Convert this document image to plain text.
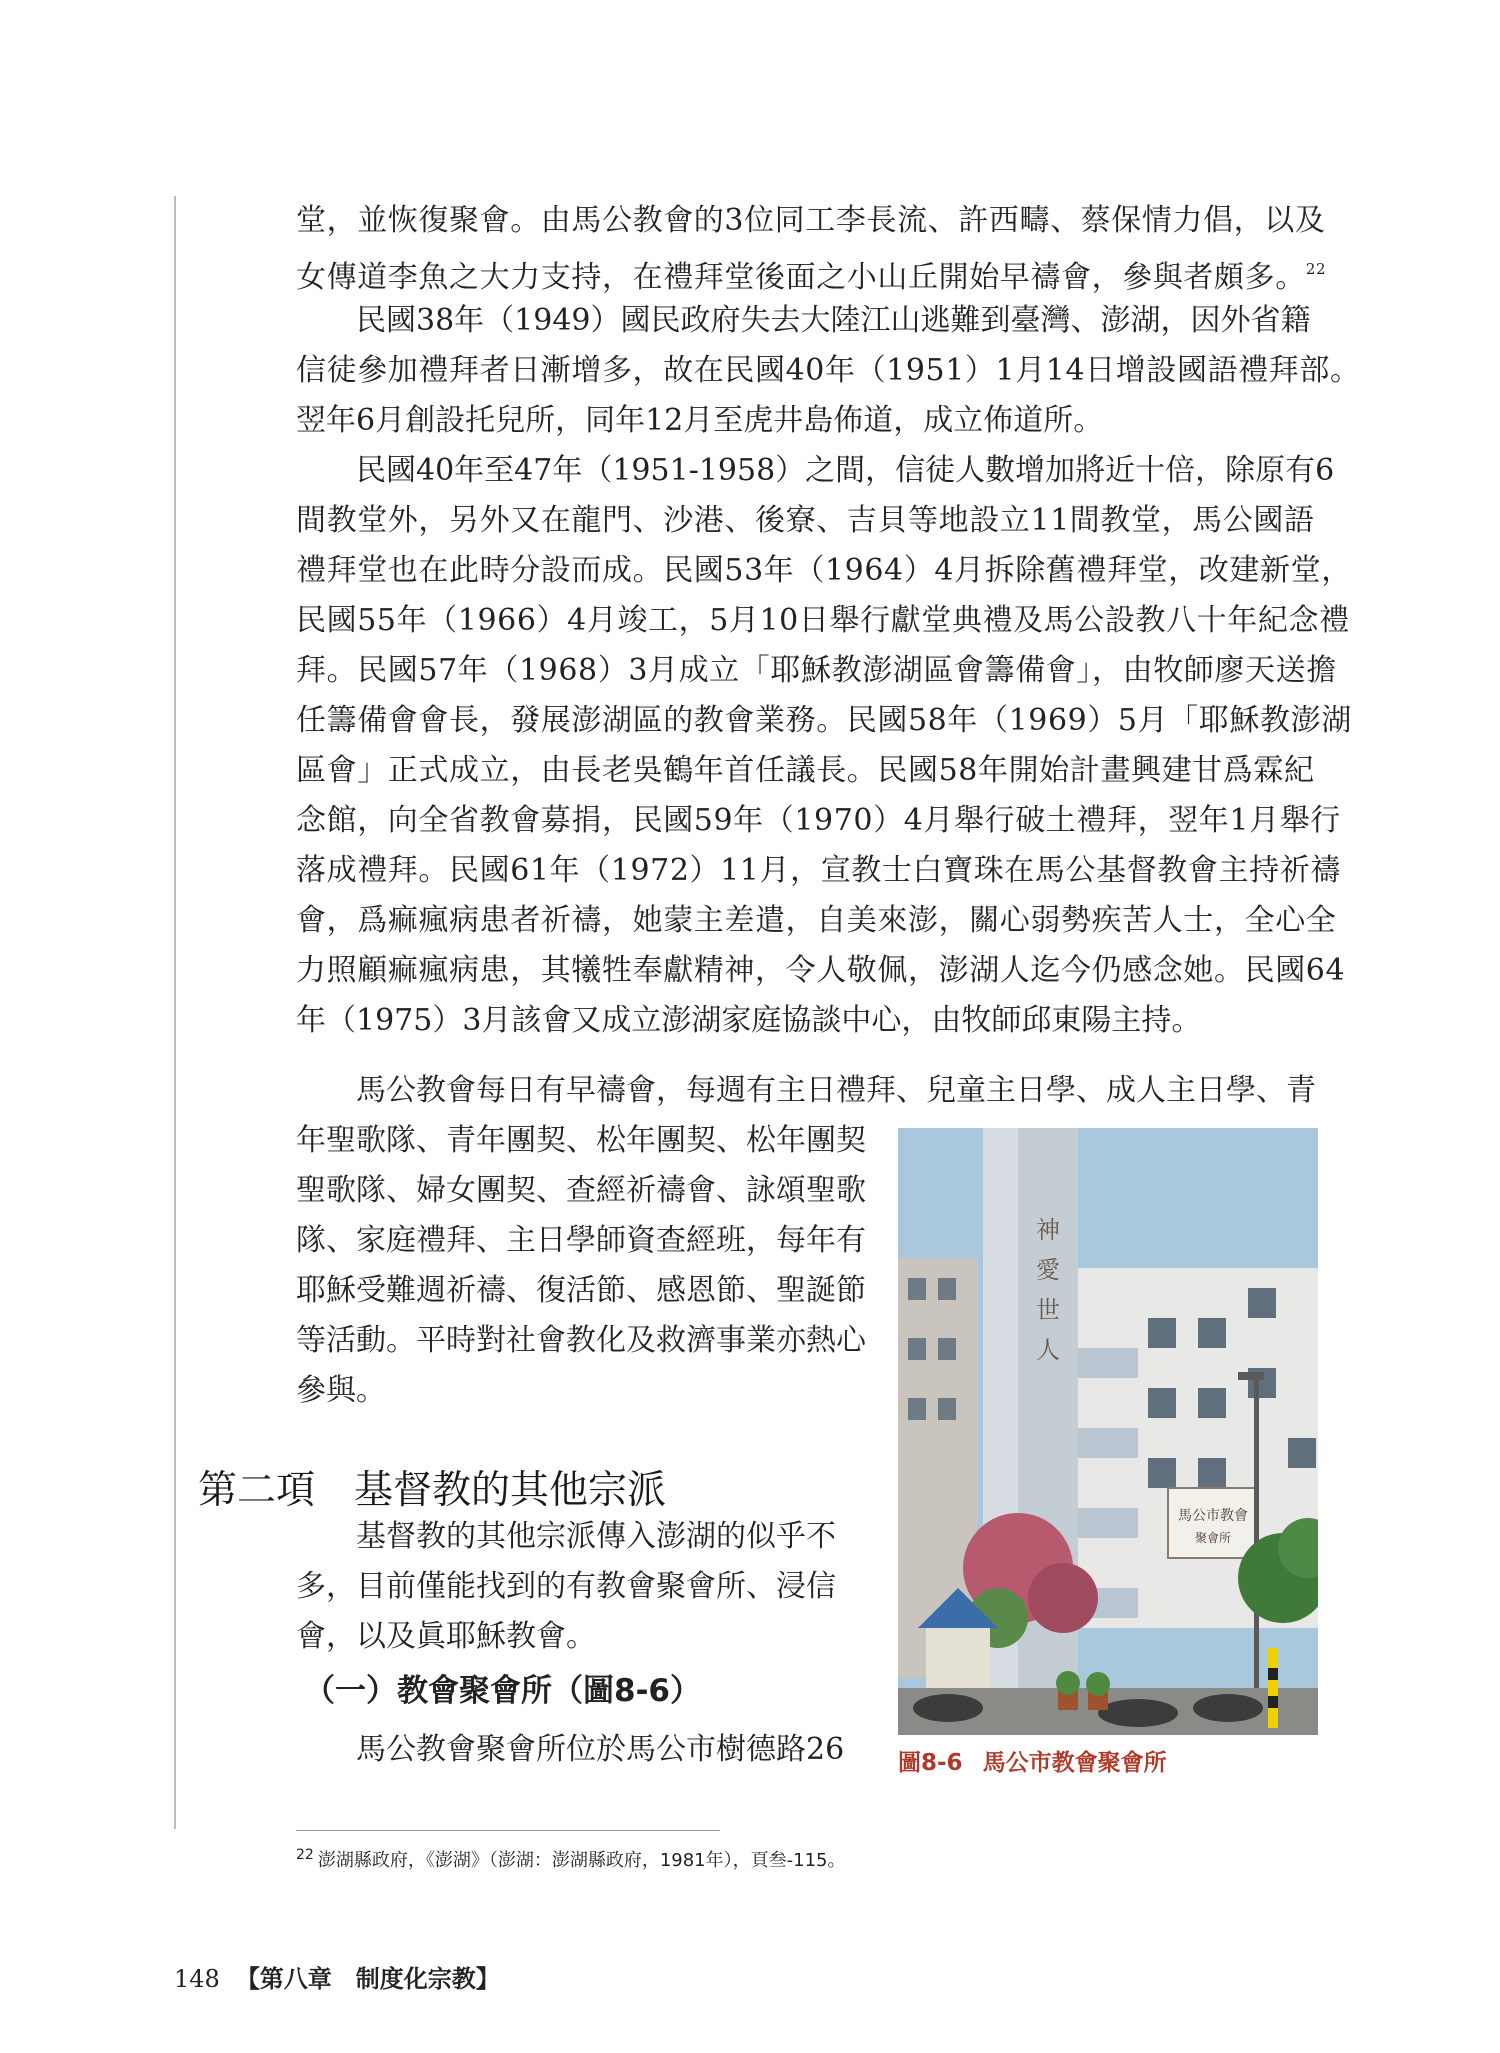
堂，並恢復聚會。由馬公教會的3位同工李長流、許西疇、蔡保情力倡，以及
女傳道李魚之大力支持，在禮拜堂後面之小山丘開始早禱會，參與者頗多。$^{22}$
民國38年（1949）國民政府失去大陸江山逃難到臺灣、澎湖，因外省籍
信徒參加禮拜者日漸增多，故在民國40年（1951）1月14日增設國語禮拜部。
翌年6月創設托兒所，同年12月至虎井島佈道，成立佈道所。
民國40年至47年（1951-1958）之間，信徒人數增加將近十倍，除原有6
間教堂外，另外又在龍門、沙港、後寮、吉貝等地設立11間教堂，馬公國語
禮拜堂也在此時分設而成。民國53年（1964）4月拆除舊禮拜堂，改建新堂，
民國55年（1966）4月竣工，5月10日舉行獻堂典禮及馬公設教八十年紀念禮
拜。民國57年（1968）3月成立「耶穌教澎湖區會籌備會」，由牧師廖天送擔
任籌備會會長，發展澎湖區的教會業務。民國58年（1969）5月「耶穌教澎湖
區會」正式成立，由長老吳鶴年首任議長。民國58年開始計畫興建甘爲霖紀
念館，向全省教會募捐，民國59年（1970）4月舉行破土禮拜，翌年1月舉行
落成禮拜。民國61年（1972）11月，宣教士白寶珠在馬公基督教會主持祈禱
會，爲痲瘋病患者祈禱，她蒙主差遣，自美來澎，關心弱勢疾苦人士，全心全
力照顧痲瘋病患，其犧牲奉獻精神，令人敬佩，澎湖人迄今仍感念她。民國64
年（1975）3月該會又成立澎湖家庭協談中心，由牧師邱東陽主持。
馬公教會每日有早禱會，每週有主日禮拜、兒童主日學、成人主日學、青
年聖歌隊、青年團契、松年團契、松年團契
聖歌隊、婦女團契、查經祈禱會、詠頌聖歌
隊、家庭禮拜、主日學師資查經班，每年有
耶穌受難週祈禱、復活節、感恩節、聖誕節
等活動。平時對社會教化及救濟事業亦熱心
參與。
第二項　基督教的其他宗派
基督教的其他宗派傳入澎湖的似乎不
多，目前僅能找到的有教會聚會所、浸信
會，以及眞耶穌教會。
（一）教會聚會所（圖8-6）
馬公教會聚會所位於馬公市樹德路26
神
愛
世
人
馬公市教會
聚會所
圖8-6 馬公市教會聚會所
$^{22}$ 澎湖縣政府，《澎湖》（澎湖：澎湖縣政府，1981年），頁叁-115。
148 【第八章　制度化宗教】
